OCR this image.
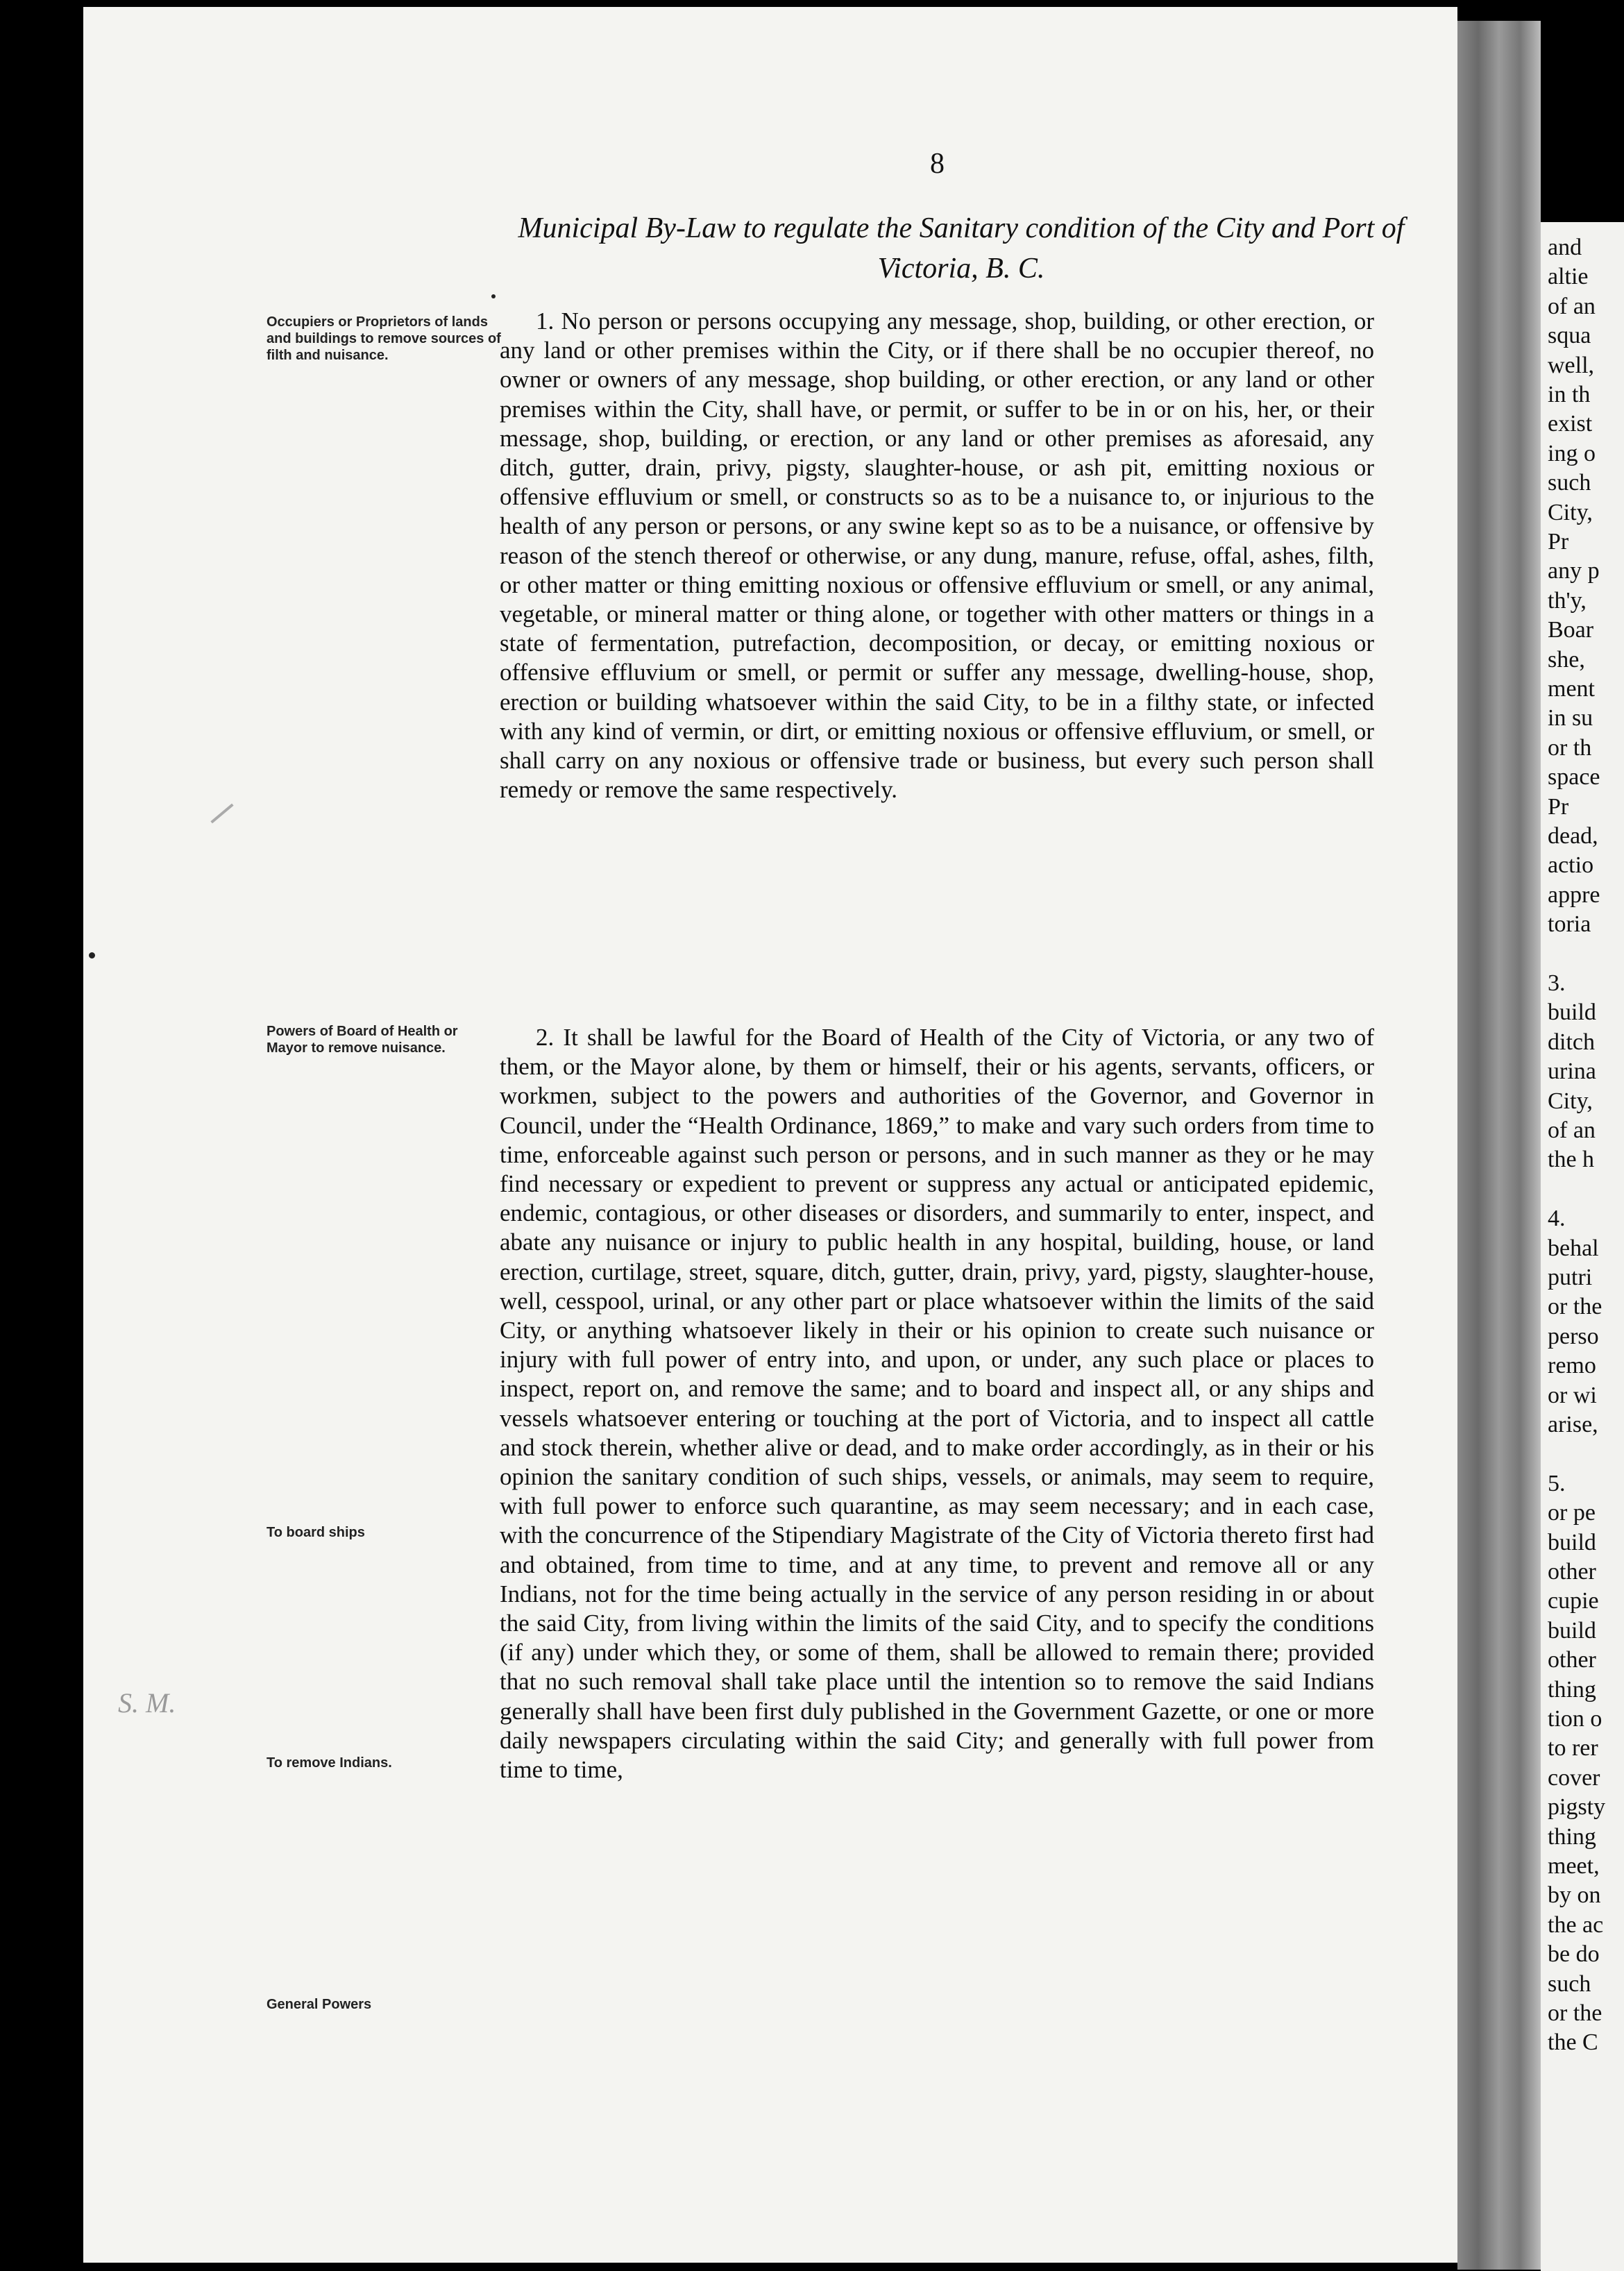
and
altie
of an
squa
well,
in th
exist
ing o
such
City,
Pr
any p
th'y,
Boar
she,
ment
in su
or th
space
Pr
dead,
actio
appre
toria
3.
build
ditch
urina
City,
of an
the h
4.
behal
putri
or the
perso
remo
or wi
arise,
5.
or pe
build
other
cupie
build
other
thing
tion o
to rer
cover
pigsty
thing
meet,
by on
the ac
be do
such
or the
the C
8
Municipal By-Law to regulate the Sanitary condition of the City and Port of Victoria, B. C.
Occupiers or Proprietors of lands and buildings to remove sources of filth and nuisance.
Powers of Board of Health or Mayor to remove nuisance.
To board ships
To remove Indians.
General Powers
1. No person or persons occupying any message, shop, building, or other erection, or any land or other premises within the City, or if there shall be no occupier thereof, no owner or owners of any message, shop building, or other erection, or any land or other premises within the City, shall have, or permit, or suffer to be in or on his, her, or their message, shop, building, or erection, or any land or other premises as aforesaid, any ditch, gutter, drain, privy, pigsty, slaughter-house, or ash pit, emitting noxious or offensive effluvium or smell, or constructs so as to be a nuisance to, or injurious to the health of any person or persons, or any swine kept so as to be a nuisance, or offensive by reason of the stench thereof or otherwise, or any dung, manure, refuse, offal, ashes, filth, or other matter or thing emitting noxious or offensive effluvium or smell, or any animal, vegetable, or mineral matter or thing alone, or together with other matters or things in a state of fermentation, putrefaction, decomposition, or decay, or emitting noxious or offensive effluvium or smell, or permit or suffer any message, dwelling-house, shop, erection or building whatsoever within the said City, to be in a filthy state, or infected with any kind of vermin, or dirt, or emitting noxious or offensive effluvium, or smell, or shall carry on any noxious or offensive trade or business, but every such person shall remedy or remove the same respectively.
2. It shall be lawful for the Board of Health of the City of Victoria, or any two of them, or the Mayor alone, by them or himself, their or his agents, servants, officers, or workmen, subject to the powers and authorities of the Governor, and Governor in Council, under the “Health Ordinance, 1869,” to make and vary such orders from time to time, enforceable against such person or persons, and in such manner as they or he may find necessary or expedient to prevent or suppress any actual or anticipated epidemic, endemic, contagious, or other diseases or disorders, and summarily to enter, inspect, and abate any nuisance or injury to public health in any hospital, building, house, or land erection, curtilage, street, square, ditch, gutter, drain, privy, yard, pigsty, slaughter-house, well, cesspool, urinal, or any other part or place whatsoever within the limits of the said City, or anything whatsoever likely in their or his opinion to create such nuisance or injury with full power of entry into, and upon, or under, any such place or places to inspect, report on, and remove the same; and to board and inspect all, or any ships and vessels whatsoever entering or touching at the port of Victoria, and to inspect all cattle and stock therein, whether alive or dead, and to make order accordingly, as in their or his opinion the sanitary condition of such ships, vessels, or animals, may seem to require, with full power to enforce such quarantine, as may seem necessary; and in each case, with the concurrence of the Stipendiary Magistrate of the City of Victoria thereto first had and obtained, from time to time, and at any time, to prevent and remove all or any Indians, not for the time being actually in the service of any person residing in or about the said City, from living within the limits of the said City, and to specify the conditions (if any) under which they, or some of them, shall be allowed to remain there; provided that no such removal shall take place until the intention so to remove the said Indians generally shall have been first duly published in the Government Gazette, or one or more daily newspapers circulating within the said City; and generally with full power from time to time,
S. M.
